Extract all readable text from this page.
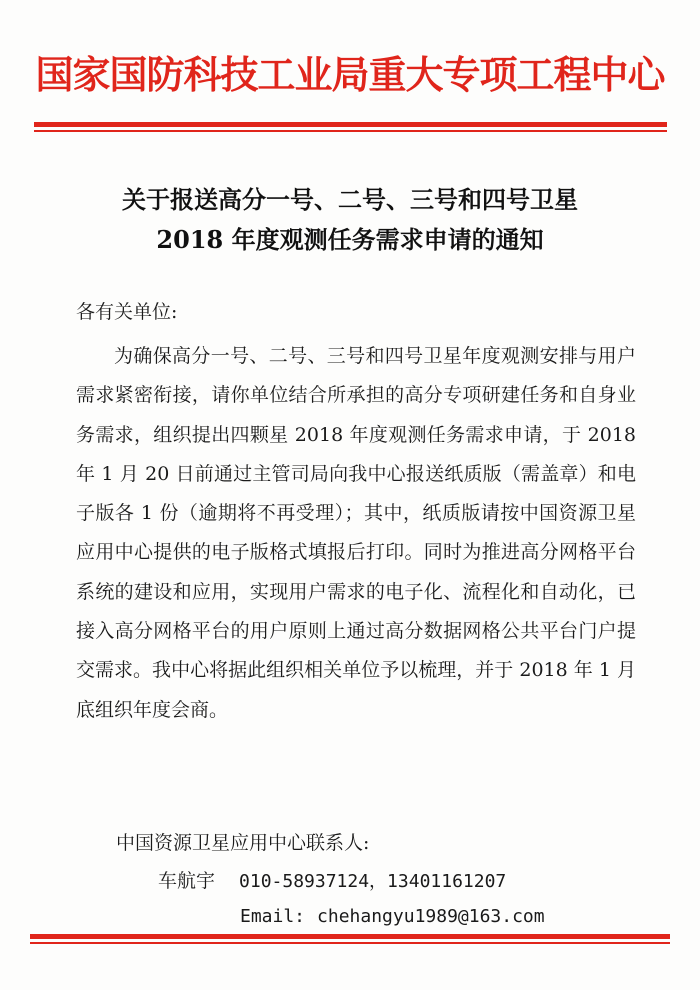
国家国防科技工业局重大专项工程中心
关于报送高分一号、二号、三号和四号卫星
2018 年度观测任务需求申请的通知
各有关单位:

为确保高分一号、二号、三号和四号卫星年度观测安排与用户需求紧密衔接，请你单位结合所承担的高分专项研建任务和自身业务需求，组织提出四颗星 2018 年度观测任务需求申请，于 2018 年 1 月 20 日前通过主管司局向我中心报送纸质版（需盖章）和电子版各 1 份（逾期将不再受理）；其中，纸质版请按中国资源卫星应用中心提供的电子版格式填报后打印。同时为推进高分网格平台系统的建设和应用，实现用户需求的电子化、流程化和自动化，已接入高分网格平台的用户原则上通过高分数据网格公共平台门户提交需求。我中心将据此组织相关单位予以梳理，并于 2018 年 1 月底组织年度会商。

中国资源卫星应用中心联系人:
车航宇 010-58937124，13401161207
Email: chehangyu1989@163.com
